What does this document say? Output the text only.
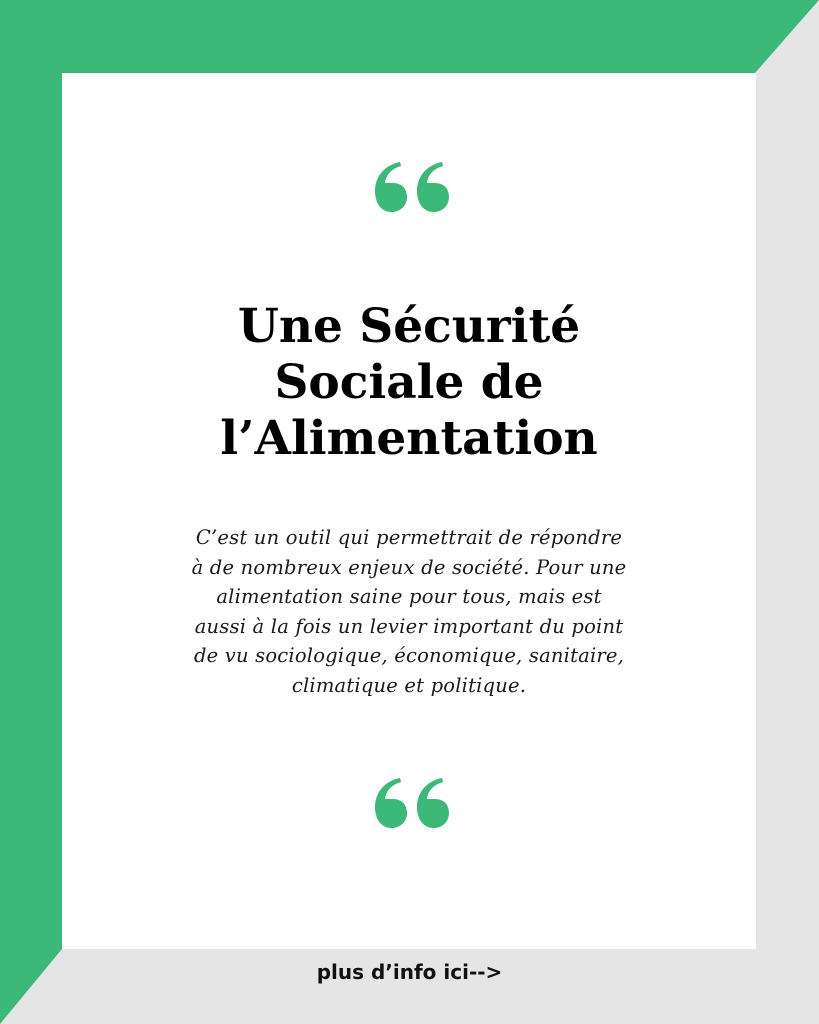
Une Sécurité
Sociale de
l’Alimentation

C’est un outil qui permettrait de répondre
à de nombreux enjeux de société. Pour une
alimentation saine pour tous, mais est
aussi à la fois un levier important du point
de vu sociologique, économique, sanitaire,
climatique et politique.

plus d’info ici-->
